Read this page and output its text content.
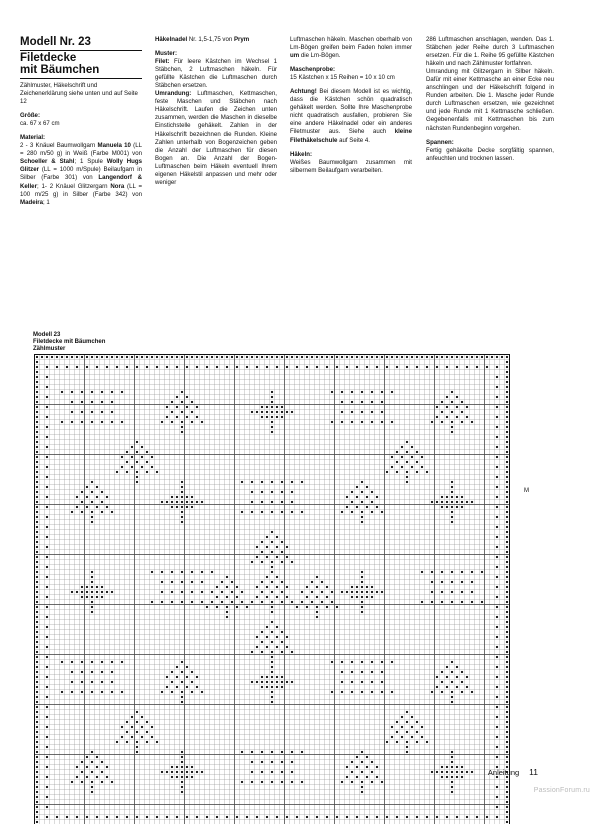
Modell Nr. 23
Filetdecke
mit Bäumchen

Zählmuster, Häkelschrift und Zeichenerklärung siehe unten und auf Seite 12

Größe:
ca. 67 x 67 cm

Material:
2 - 3 Knäuel Baumwollgarn Manuela 10 (LL = 280 m/50 g) in Weiß (Farbe M001) von Schoeller & Stahl; 1 Spule Wolly Hugs Glitzer (LL = 1000 m/Spule) Beilaufgarn in Silber (Farbe 301) von Langendorf & Keller; 1- 2 Knäuel Glitzergarn Nora (LL = 100 m/25 g) in Silber (Farbe 342) von Madeira; 1

Häkelnadel Nr. 1,5-1,75 von Prym

Muster:
Filet: Für leere Kästchen im Wechsel 1 Stäbchen, 2 Luftmaschen häkeln. Für gefüllte Kästchen die Luftmaschen durch Stäbchen ersetzen.
Umrandung: Luftmaschen, Kettmaschen, feste Maschen und Stäbchen nach Häkelschrift. Laufen die Zeichen unten zusammen, werden die Maschen in dieselbe Einstichstelle gehäkelt. Zahlen in der Häkelschrift bezeichnen die Runden. Kleine Zahlen unterhalb von Bogenzeichen geben die Anzahl der Luftmaschen für diesen Bogen an. Die Anzahl der Bogen-Luftmaschen beim Häkeln eventuell Ihrem eigenen Häkelstil anpassen und mehr oder weniger

Luftmaschen häkeln. Maschen oberhalb von Lm-Bögen greifen beim Faden holen immer um die Lm-Bögen.

Maschenprobe:
15 Kästchen x 15 Reihen = 10 x 10 cm

Achtung! Bei diesem Modell ist es wichtig, dass die Kästchen schön quadratisch gehäkelt werden. Sollte Ihre Maschenprobe nicht quadratisch ausfallen, probieren Sie eine andere Häkelnadel oder ein anderes Filetmuster aus. Siehe auch kleine Filethäkelschule auf Seite 4.

Häkeln:
Weißes Baumwollgarn zusammen mit silbernem Beilaufgarn verarbeiten.

286 Luftmaschen anschlagen, wenden. Das 1. Stäbchen jeder Reihe durch 3 Luftmaschen ersetzen. Für die 1. Reihe 95 gefüllte Kästchen häkeln und nach Zählmuster fortfahren.

Umrandung mit Glitzergarn in Silber häkeln. Dafür mit einer Kettmasche an einer Ecke neu anschlingen und der Häkelschrift folgend in Runden arbeiten. Die 1. Masche jeder Runde durch Luftmaschen ersetzen, wie gezeichnet und jede Runde mit 1 Kettmasche schließen. Gegebenenfalls mit Kettmaschen bis zum nächsten Rundenbeginn vorgehen.

Spannen:
Fertig gehäkelte Decke sorgfältig spannen, anfeuchten und trocknen lassen.

Modell 23
Filetdecke mit Bäumchen
Zählmuster
M
Anleitung 11
PassionForum.ru
